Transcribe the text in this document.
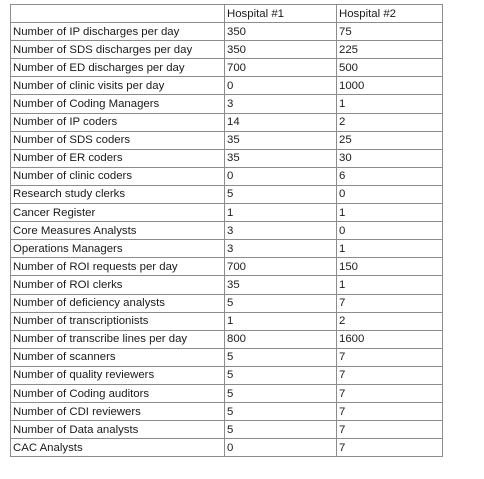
	Hospital #1	Hospital #2
Number of IP discharges per day	350	75
Number of SDS discharges per day	350	225
Number of ED discharges per day	700	500
Number of clinic visits per day	0	1000
Number of Coding Managers	3	1
Number of IP coders	14	2
Number of SDS coders	35	25
Number of ER coders	35	30
Number of clinic coders	0	6
Research study clerks	5	0
Cancer Register	1	1
Core Measures Analysts	3	0
Operations Managers	3	1
Number of ROI requests per day	700	150
Number of ROI clerks	35	1
Number of deficiency analysts	5	7
Number of transcriptionists	1	2
Number of transcribe lines per day	800	1600
Number of scanners	5	7
Number of quality reviewers	5	7
Number of Coding auditors	5	7
Number of CDI reviewers	5	7
Number of Data analysts	5	7
CAC Analysts	0	7
